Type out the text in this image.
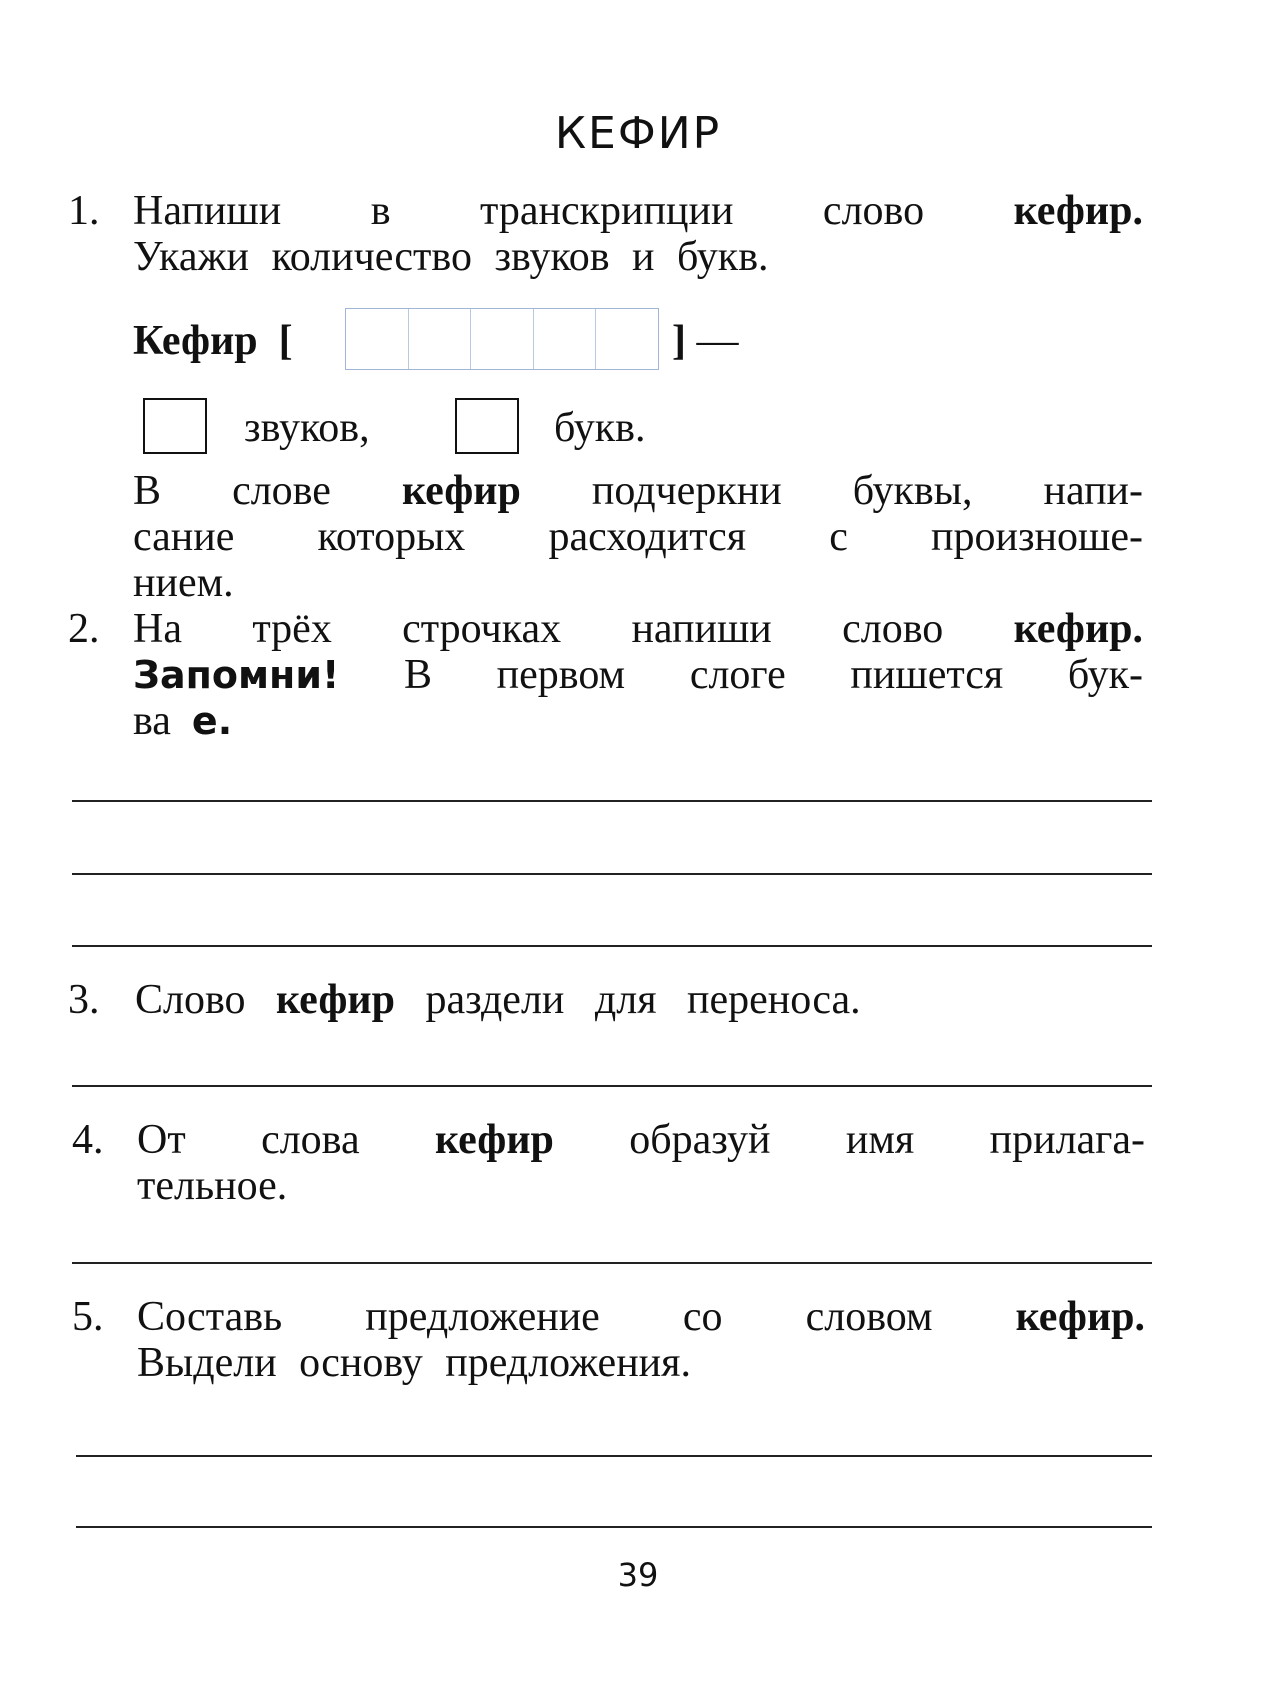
КЕФИР
1. Напиши в транскрипции слово кефир.
Укажи количество звуков и букв.
Кефир [	] —
звуков,	букв.
В слове кефир подчеркни буквы, напи-
сание которых расходится с произноше-
нием.
2. На трёх строчках напиши слово кефир.
Запомни! В первом слоге пишется бук-
ва е.
3. Слово кефир раздели для переноса.
4. От слова кефир образуй имя прилага-
тельное.
5. Составь предложение со словом кефир.
Выдели основу предложения.
39
